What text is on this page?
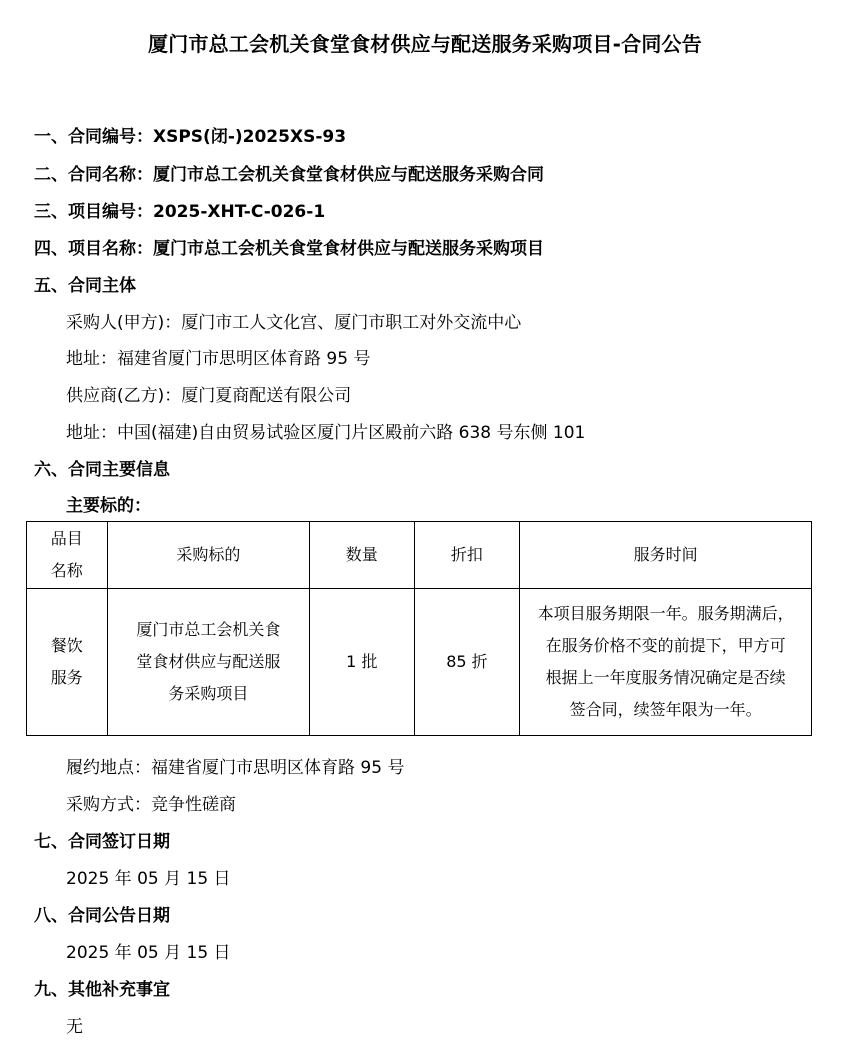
厦门市总工会机关食堂食材供应与配送服务采购项目-合同公告
一、合同编号：XSPS(闭-)2025XS-93
二、合同名称：厦门市总工会机关食堂食材供应与配送服务采购合同
三、项目编号：2025-XHT-C-026-1
四、项目名称：厦门市总工会机关食堂食材供应与配送服务采购项目
五、合同主体
采购人(甲方)：厦门市工人文化宫、厦门市职工对外交流中心
地址：福建省厦门市思明区体育路 95 号
供应商(乙方)：厦门夏商配送有限公司
地址：中国(福建)自由贸易试验区厦门片区殿前六路 638 号东侧 101
六、合同主要信息
主要标的：
品目
名称	采购标的	数量	折扣	服务时间
餐饮
服务	厦门市总工会机关食
堂食材供应与配送服
务采购项目	1 批	85 折	本项目服务期限一年。服务期满后，
在服务价格不变的前提下，甲方可
根据上一年度服务情况确定是否续
签合同，续签年限为一年。
履约地点：福建省厦门市思明区体育路 95 号
采购方式：竞争性磋商
七、合同签订日期
2025 年 05 月 15 日
八、合同公告日期
2025 年 05 月 15 日
九、其他补充事宜
无
